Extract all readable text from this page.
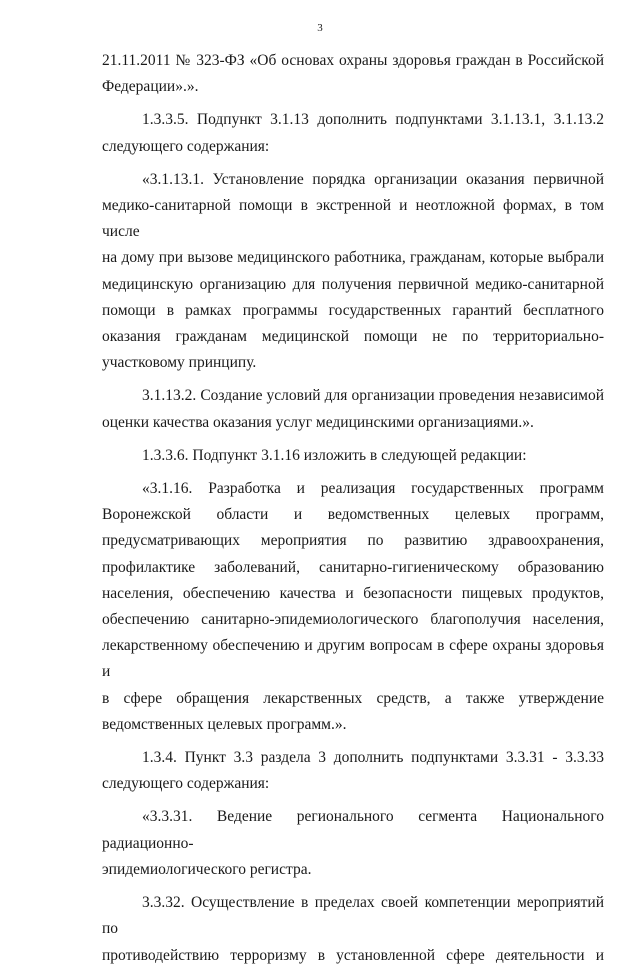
3

21.11.2011 № 323-ФЗ «Об основах охраны здоровья граждан в Российской

Федерации».».

1.3.3.5. Подпункт 3.1.13 дополнить подпунктами 3.1.13.1, 3.1.13.2

следующего содержания:

«3.1.13.1. Установление порядка организации оказания первичной

медико-санитарной помощи в экстренной и неотложной формах, в том числе

на дому при вызове медицинского работника, гражданам, которые выбрали

медицинскую организацию для получения первичной медико-санитарной

помощи в рамках программы государственных гарантий бесплатного

оказания гражданам медицинской помощи не по территориально-

участковому принципу.

3.1.13.2. Создание условий для организации проведения независимой

оценки качества оказания услуг медицинскими организациями.».

1.3.3.6. Подпункт 3.1.16 изложить в следующей редакции:

«3.1.16. Разработка и реализация государственных программ

Воронежской области и ведомственных целевых программ,

предусматривающих мероприятия по развитию здравоохранения,

профилактике заболеваний, санитарно-гигиеническому образованию

населения, обеспечению качества и безопасности пищевых продуктов,

обеспечению санитарно-эпидемиологического благополучия населения,

лекарственному обеспечению и другим вопросам в сфере охраны здоровья и

в сфере обращения лекарственных средств, а также утверждение

ведомственных целевых программ.».

1.3.4. Пункт 3.3 раздела 3 дополнить подпунктами 3.3.31 - 3.3.33

следующего содержания:

«3.3.31. Ведение регионального сегмента Национального радиационно-

эпидемиологического регистра.

3.3.32. Осуществление в пределах своей компетенции мероприятий по

противодействию терроризму в установленной сфере деятельности и
